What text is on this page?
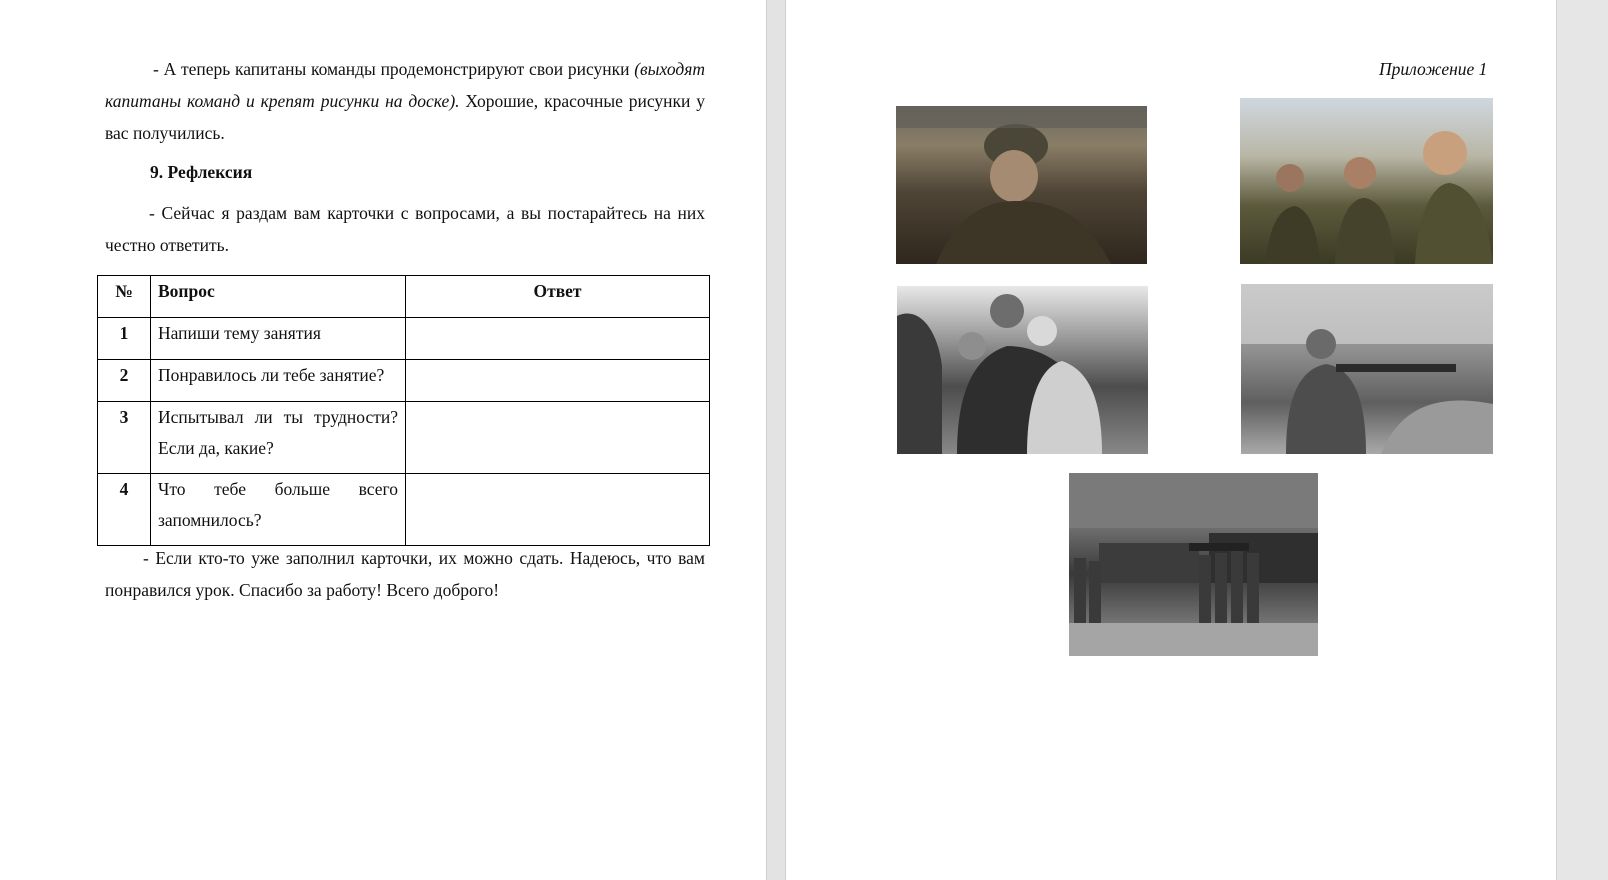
- А теперь капитаны команды продемонстрируют свои рисунки (выходят капитаны команд и крепят рисунки на доске). Хорошие, красочные рисунки у вас получились.
9. Рефлексия
- Сейчас я раздам вам карточки с вопросами, а вы постарайтесь на них честно ответить.
№	Вопрос	Ответ
1	Напиши тему занятия	
2	Понравилось ли тебе занятие?	
3	Испытывал ли ты трудности? Если да, какие?	
4	Что тебе больше всего запомнилось?	
- Если кто-то уже заполнил карточки, их можно сдать. Надеюсь, что вам понравился урок. Спасибо за работу! Всего доброго!
Приложение 1
